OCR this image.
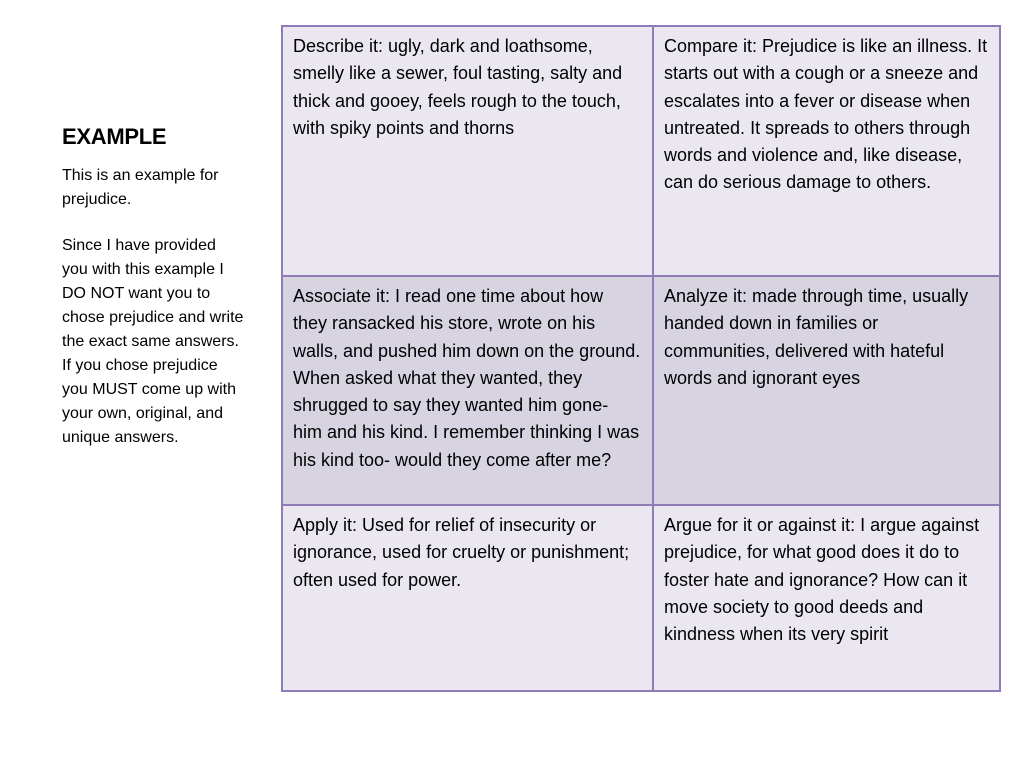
EXAMPLE

This is an example for prejudice.

Since I have provided you with this example I DO NOT want you to chose prejudice and write the exact same answers. If you chose prejudice you MUST come up with your own, original, and unique answers.

Describe it: ugly, dark and loathsome, smelly like a sewer, foul tasting, salty and thick and gooey, feels rough to the touch, with spiky points and thorns	Compare it: Prejudice is like an illness. It starts out with a cough or a sneeze and escalates into a fever or disease when untreated. It spreads to others through words and violence and, like disease, can do serious damage to others.
Associate it: I read one time about how they ransacked his store, wrote on his walls, and pushed him down on the ground. When asked what they wanted, they shrugged to say they wanted him gone- him and his kind. I remember thinking I was his kind too- would they come after me?	Analyze it: made through time, usually handed down in families or communities, delivered with hateful words and ignorant eyes
Apply it: Used for relief of insecurity or ignorance, used for cruelty or punishment; often used for power.	Argue for it or against it: I argue against prejudice, for what good does it do to foster hate and ignorance? How can it move society to good deeds and kindness when its very spirit
